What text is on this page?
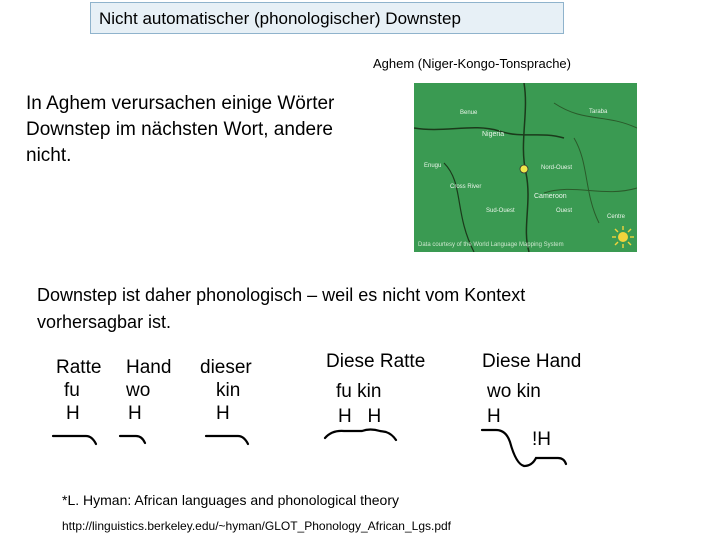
Nicht automatischer (phonologischer) Downstep
Aghem (Niger-Kongo-Tonsprache)
In Aghem verursachen einige Wörter Downstep im nächsten Wort, andere nicht.
Benue	Taraba
Nigeria
Enugu	Nord-Ouest
Cross River
Cameroon
Sud-Ouest	Ouest
Centre
Data courtesy of the World Language Mapping System
Downstep ist daher phonologisch – weil es nicht vom Kontext vorhersagbar ist.
Ratte
fu
H
Hand
wo
H
dieser
kin
H
Diese Ratte
fu kin
H   H
Diese Hand
wo kin
H
!H
*L. Hyman: African languages and phonological theory
http://linguistics.berkeley.edu/~hyman/GLOT_Phonology_African_Lgs.pdf
